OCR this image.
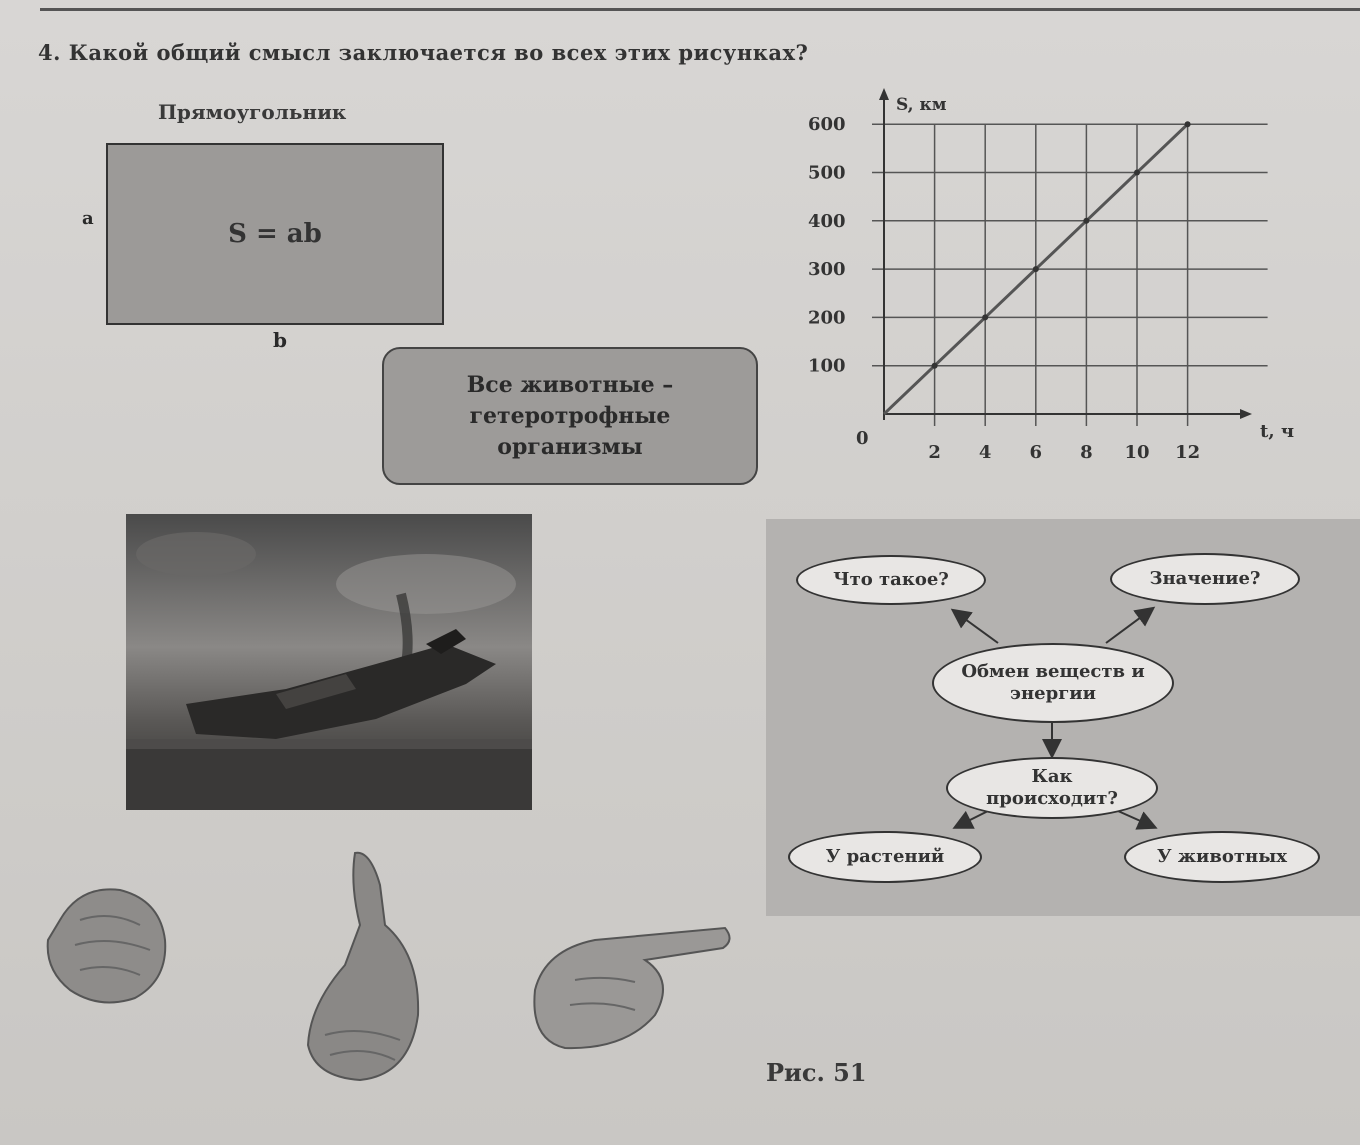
4. Какой общий смысл заключается во всех этих рисунках?
Прямоугольник
S = ab
а
b
Все животные – гетеротрофные организмы
S, км
t, ч
0
600
500
400
300
200
100
2 4 6 8 10 12
Что такое?	Значение?
Обмен веществ и энергии
Как происходит?
У растений	У животных
Рис. 51
